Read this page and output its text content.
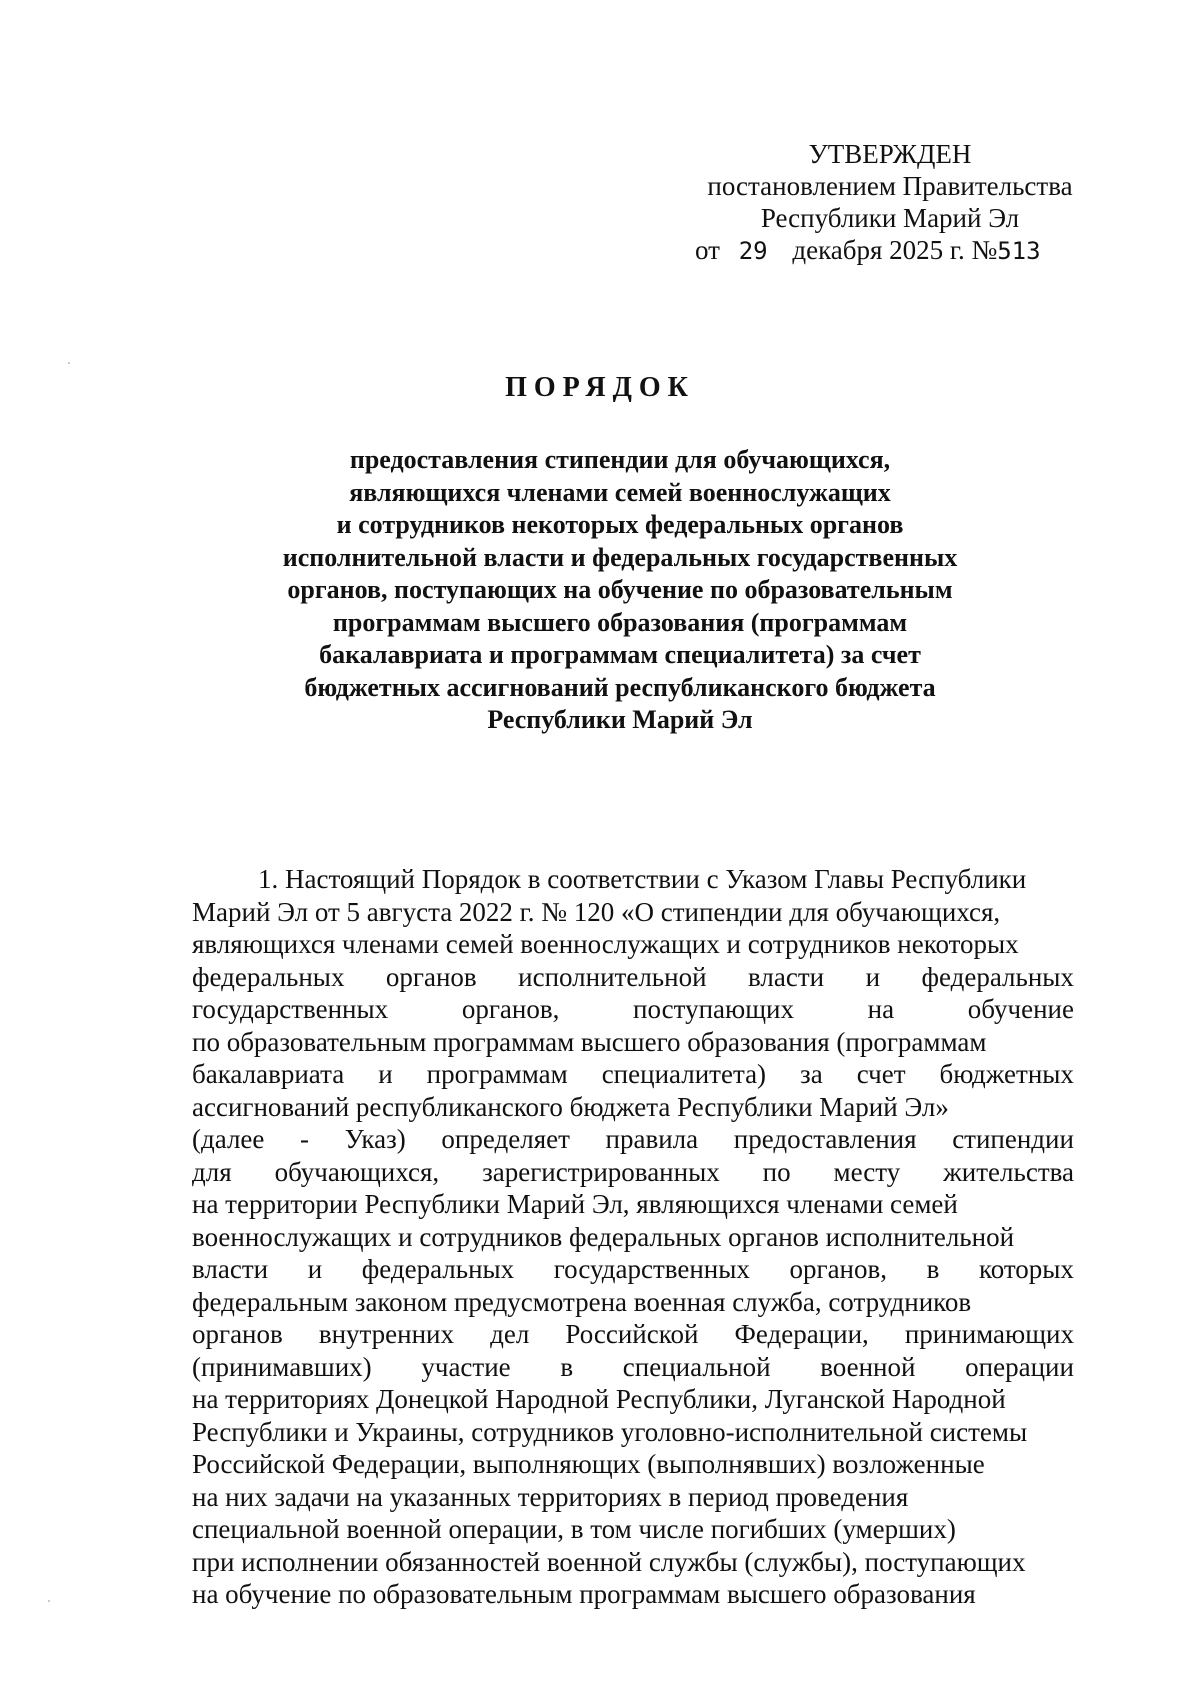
УТВЕРЖДЕН
постановлением Правительства
Республики Марий Эл
от 29 декабря 2025 г. №513
ПОРЯДОК
предоставления стипендии для обучающихся,
являющихся членами семей военнослужащих
и сотрудников некоторых федеральных органов
исполнительной власти и федеральных государственных
органов, поступающих на обучение по образовательным
программам высшего образования (программам
бакалавриата и программам специалитета) за счет
бюджетных ассигнований республиканского бюджета
Республики Марий Эл
1. Настоящий Порядок в соответствии с Указом Главы Республики
Марий Эл от 5 августа 2022 г. № 120 «О стипендии для обучающихся,
являющихся членами семей военнослужащих и сотрудников некоторых
федеральных органов исполнительной власти и федеральных
государственных	органов,	поступающих	на	обучение
по образовательным программам высшего образования (программам
бакалавриата и программам специалитета) за счет бюджетных
ассигнований республиканского бюджета Республики Марий Эл»
(далее - Указ) определяет правила предоставления стипендии
для обучающихся, зарегистрированных по месту жительства
на территории Республики Марий Эл, являющихся членами семей
военнослужащих и сотрудников федеральных органов исполнительной
власти и федеральных государственных органов, в которых
федеральным законом предусмотрена военная служба, сотрудников
органов внутренних дел Российской Федерации, принимающих
(принимавших) участие в специальной военной операции
на территориях Донецкой Народной Республики, Луганской Народной
Республики и Украины, сотрудников уголовно-исполнительной системы
Российской Федерации, выполняющих (выполнявших) возложенные
на них задачи на указанных территориях в период проведения
специальной военной операции, в том числе погибших (умерших)
при исполнении обязанностей военной службы (службы), поступающих
на обучение по образовательным программам высшего образования
